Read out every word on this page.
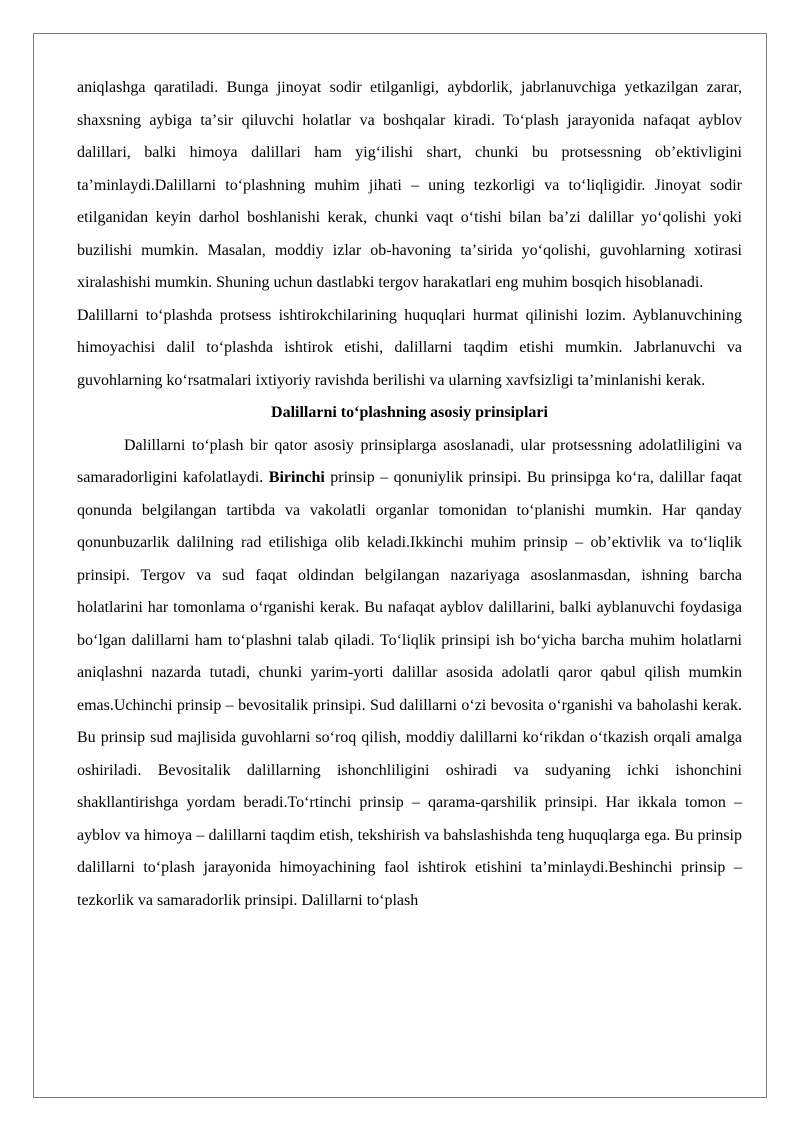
aniqlashga qaratiladi. Bunga jinoyat sodir etilganligi, aybdorlik, jabrlanuvchiga yetkazilgan zarar, shaxsning aybiga taʼsir qiluvchi holatlar va boshqalar kiradi. Toʻplash jarayonida nafaqat ayblov dalillari, balki himoya dalillari ham yigʻilishi shart, chunki bu protsessning obʼektivligini taʼminlaydi.Dalillarni toʻplashning muhim jihati – uning tezkorligi va toʻliqligidir. Jinoyat sodir etilganidan keyin darhol boshlanishi kerak, chunki vaqt oʻtishi bilan baʼzi dalillar yoʻqolishi yoki buzilishi mumkin. Masalan, moddiy izlar ob-havoning taʼsirida yoʻqolishi, guvohlarning xotirasi xiralashishi mumkin. Shuning uchun dastlabki tergov harakatlari eng muhim bosqich hisoblanadi.

Dalillarni toʻplashda protsess ishtirokchilarining huquqlari hurmat qilinishi lozim. Ayblanuvchining himoyachisi dalil toʻplashda ishtirok etishi, dalillarni taqdim etishi mumkin. Jabrlanuvchi va guvohlarning koʻrsatmalari ixtiyoriy ravishda berilishi va ularning xavfsizligi taʼminlanishi kerak.

Dalillarni toʻplashning asosiy prinsiplari

Dalillarni toʻplash bir qator asosiy prinsiplarga asoslanadi, ular protsessning adolatliligini va samaradorligini kafolatlaydi. Birinchi prinsip – qonuniylik prinsipi. Bu prinsipga koʻra, dalillar faqat qonunda belgilangan tartibda va vakolatli organlar tomonidan toʻplanishi mumkin. Har qanday qonunbuzarlik dalilning rad etilishiga olib keladi.Ikkinchi muhim prinsip – obʼektivlik va toʻliqlik prinsipi. Tergov va sud faqat oldindan belgilangan nazariyaga asoslanmasdan, ishning barcha holatlarini har tomonlama oʻrganishi kerak. Bu nafaqat ayblov dalillarini, balki ayblanuvchi foydasiga boʻlgan dalillarni ham toʻplashni talab qiladi. Toʻliqlik prinsipi ish boʻyicha barcha muhim holatlarni aniqlashni nazarda tutadi, chunki yarim-yorti dalillar asosida adolatli qaror qabul qilish mumkin emas.Uchinchi prinsip – bevositalik prinsipi. Sud dalillarni oʻzi bevosita oʻrganishi va baholashi kerak. Bu prinsip sud majlisida guvohlarni soʻroq qilish, moddiy dalillarni koʻrikdan oʻtkazish orqali amalga oshiriladi. Bevositalik dalillarning ishonchliligini oshiradi va sudyaning ichki ishonchini shakllantirishga yordam beradi.Toʻrtinchi prinsip – qarama-qarshilik prinsipi. Har ikkala tomon – ayblov va himoya – dalillarni taqdim etish, tekshirish va bahslashishda teng huquqlarga ega. Bu prinsip dalillarni toʻplash jarayonida himoyachining faol ishtirok etishini taʼminlaydi.Beshinchi prinsip – tezkorlik va samaradorlik prinsipi. Dalillarni toʻplash
